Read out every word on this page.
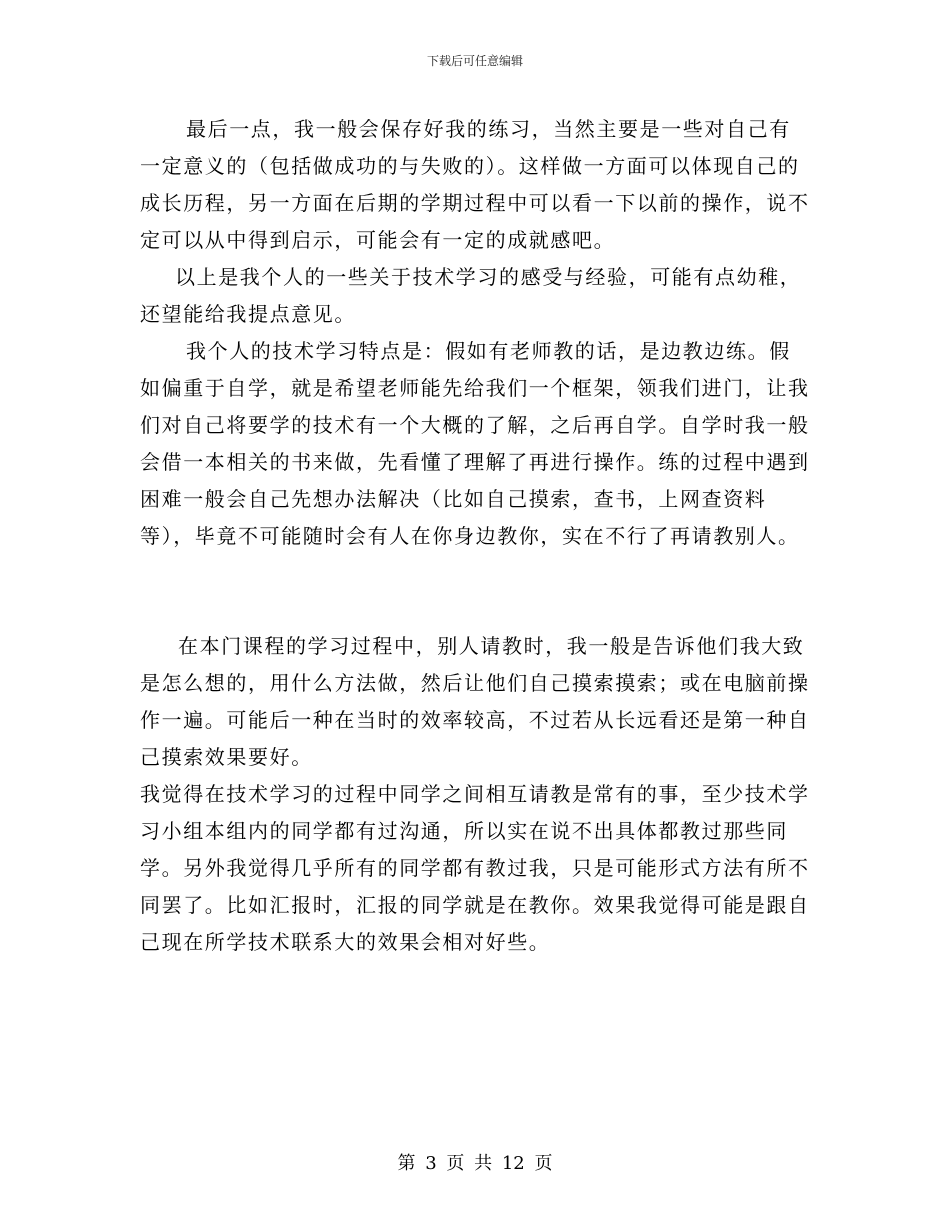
下载后可任意编辑

最后一点，我一般会保存好我的练习，当然主要是一些对自己有一定意义的（包括做成功的与失败的）。这样做一方面可以体现自己的成长历程，另一方面在后期的学期过程中可以看一下以前的操作，说不定可以从中得到启示，可能会有一定的成就感吧。

以上是我个人的一些关于技术学习的感受与经验，可能有点幼稚，还望能给我提点意见。

我个人的技术学习特点是：假如有老师教的话，是边教边练。假如偏重于自学，就是希望老师能先给我们一个框架，领我们进门，让我们对自己将要学的技术有一个大概的了解，之后再自学。自学时我一般会借一本相关的书来做，先看懂了理解了再进行操作。练的过程中遇到困难一般会自己先想办法解决（比如自己摸索，查书，上网查资料等），毕竟不可能随时会有人在你身边教你，实在不行了再请教别人。

在本门课程的学习过程中，别人请教时，我一般是告诉他们我大致是怎么想的，用什么方法做，然后让他们自己摸索摸索；或在电脑前操作一遍。可能后一种在当时的效率较高，不过若从长远看还是第一种自己摸索效果要好。

我觉得在技术学习的过程中同学之间相互请教是常有的事，至少技术学习小组本组内的同学都有过沟通，所以实在说不出具体都教过那些同学。另外我觉得几乎所有的同学都有教过我，只是可能形式方法有所不同罢了。比如汇报时，汇报的同学就是在教你。效果我觉得可能是跟自己现在所学技术联系大的效果会相对好些。

第 3 页 共 12 页
